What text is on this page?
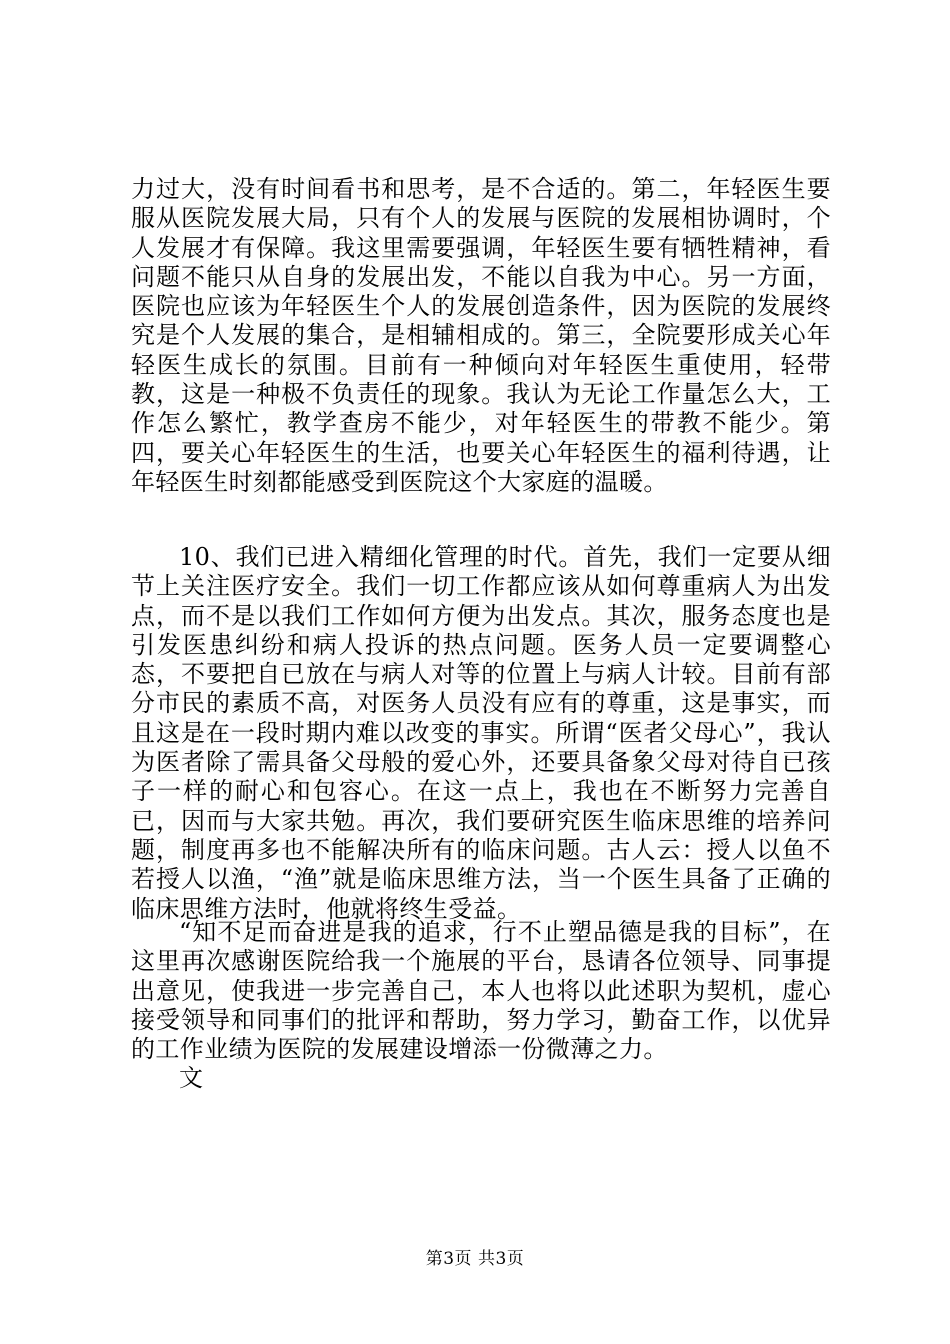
力过大，没有时间看书和思考，是不合适的。第二，年轻医生要服从医院发展大局，只有个人的发展与医院的发展相协调时，个人发展才有保障。我这里需要强调，年轻医生要有牺牲精神，看问题不能只从自身的发展出发，不能以自我为中心。另一方面，医院也应该为年轻医生个人的发展创造条件，因为医院的发展终究是个人发展的集合，是相辅相成的。第三，全院要形成关心年轻医生成长的氛围。目前有一种倾向对年轻医生重使用，轻带教，这是一种极不负责任的现象。我认为无论工作量怎么大，工作怎么繁忙，教学查房不能少，对年轻医生的带教不能少。第四，要关心年轻医生的生活，也要关心年轻医生的福利待遇，让年轻医生时刻都能感受到医院这个大家庭的温暖。

10、我们已进入精细化管理的时代。首先，我们一定要从细节上关注医疗安全。我们一切工作都应该从如何尊重病人为出发点，而不是以我们工作如何方便为出发点。其次，服务态度也是引发医患纠纷和病人投诉的热点问题。医务人员一定要调整心态，不要把自已放在与病人对等的位置上与病人计较。目前有部分市民的素质不高，对医务人员没有应有的尊重，这是事实，而且这是在一段时期内难以改变的事实。所谓“医者父母心”，我认为医者除了需具备父母般的爱心外，还要具备象父母对待自已孩子一样的耐心和包容心。在这一点上，我也在不断努力完善自已，因而与大家共勉。再次，我们要研究医生临床思维的培养问题，制度再多也不能解决所有的临床问题。古人云：授人以鱼不若授人以渔，“渔”就是临床思维方法，当一个医生具备了正确的临床思维方法时，他就将终生受益。

“知不足而奋进是我的追求，行不止塑品德是我的目标”，在这里再次感谢医院给我一个施展的平台，恳请各位领导、同事提出意见，使我进一步完善自己，本人也将以此述职为契机，虚心接受领导和同事们的批评和帮助，努力学习，勤奋工作，以优异的工作业绩为医院的发展建设增添一份微薄之力。

文

第3页 共3页
